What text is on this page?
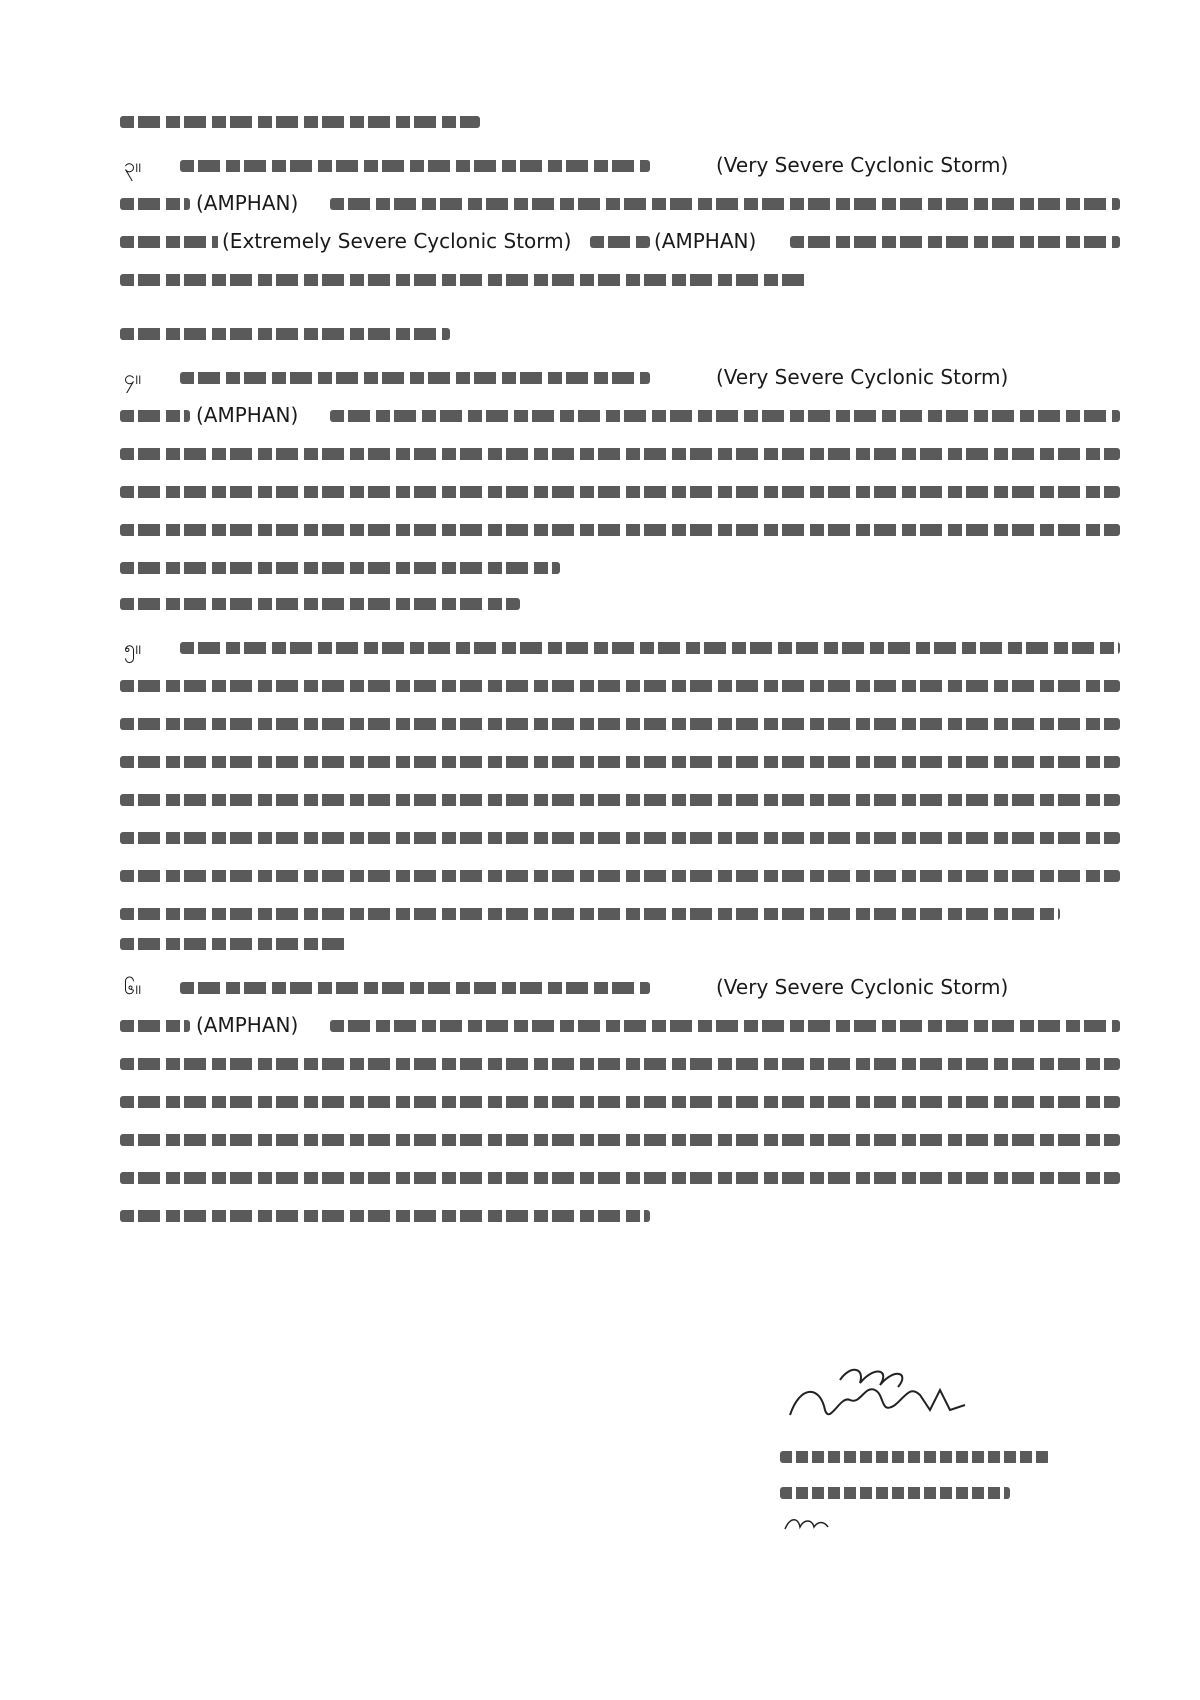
၃။	(Very Severe Cyclonic Storm)
(AMPHAN)
(Extremely Severe Cyclonic Storm)	(AMPHAN)
၄။	(Very Severe Cyclonic Storm)
(AMPHAN)
၅။
၆။	(Very Severe Cyclonic Storm)
(AMPHAN)
